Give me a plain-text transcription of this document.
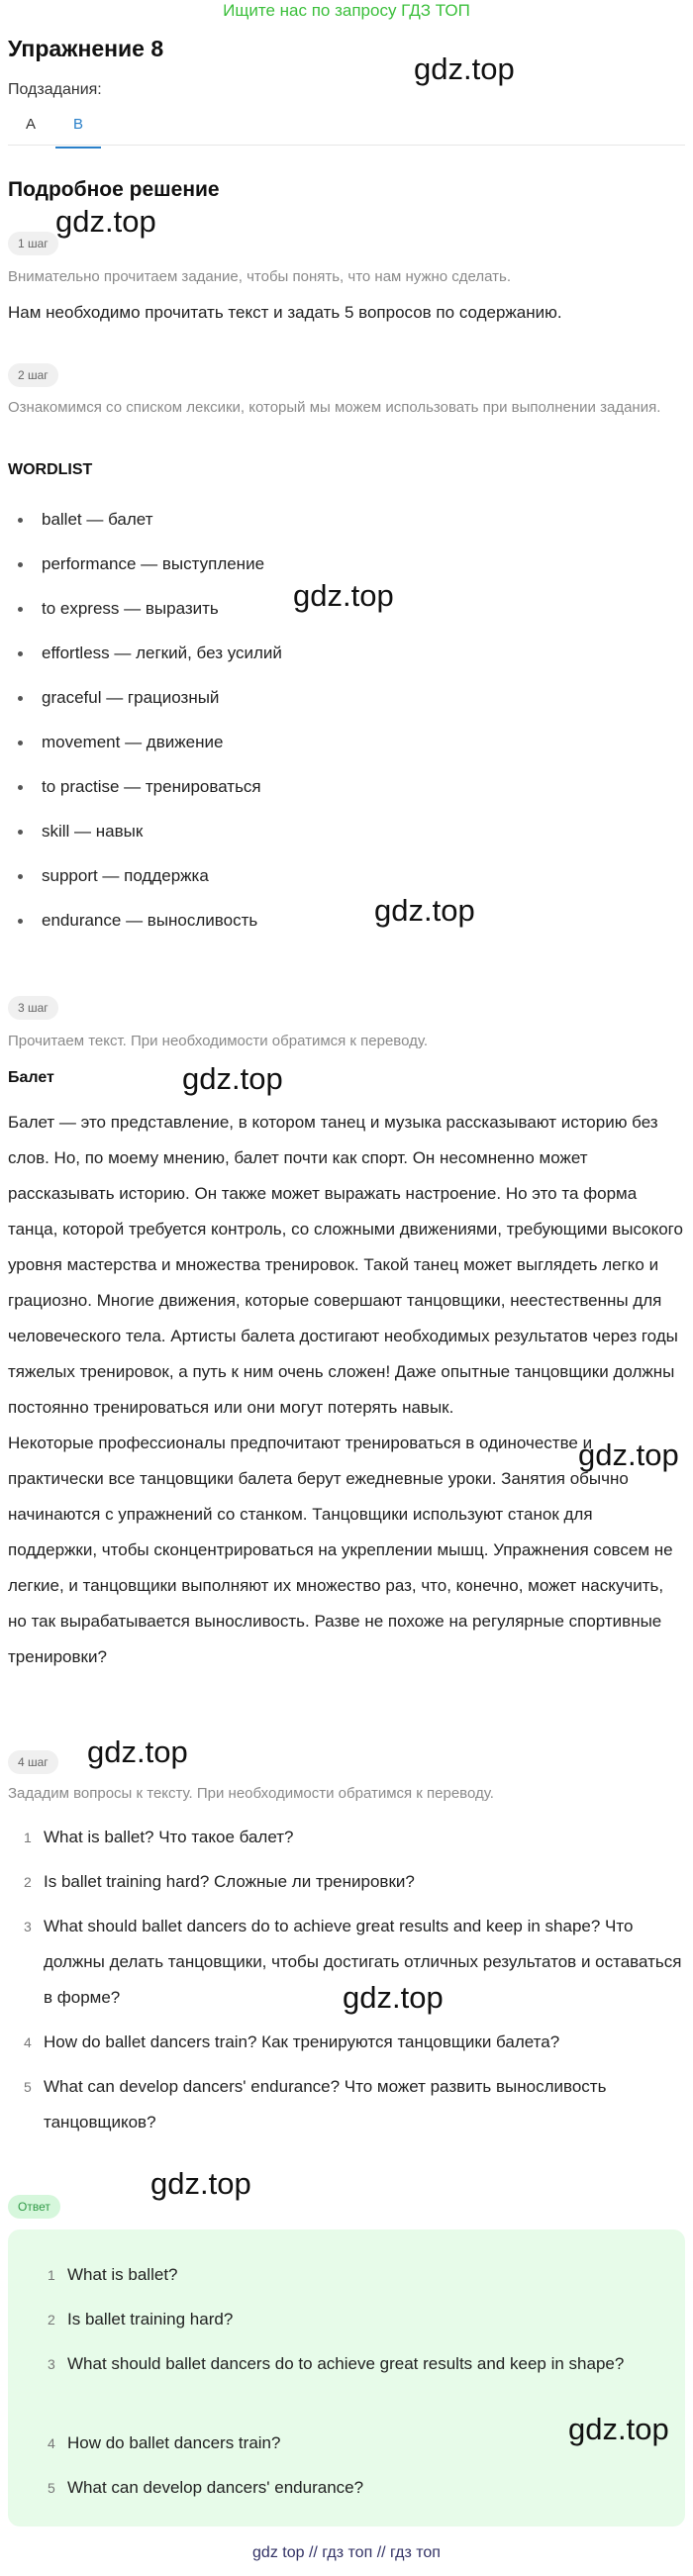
Ищите нас по запросу ГДЗ ТОП
Упражнение 8
Подзадания:
A	B
Подробное решение
1 шаг
Внимательно прочитаем задание, чтобы понять, что нам нужно сделать.
Нам необходимо прочитать текст и задать 5 вопросов по содержанию.
2 шаг
Ознакомимся со списком лексики, который мы можем использовать при выполнении задания.
WORDLIST
ballet — балет
performance — выступление
to express — выразить
effortless — легкий, без усилий
graceful — грациозный
movement — движение
to practise — тренироваться
skill — навык
support — поддержка
endurance — выносливость
3 шаг
Прочитаем текст. При необходимости обратимся к переводу.
Балет

Балет — это представление, в котором танец и музыка рассказывают историю без слов. Но, по моему мнению, балет почти как спорт. Он несомненно может рассказывать историю. Он также может выражать настроение. Но это та форма танца, которой требуется контроль, со сложными движениями, требующими высокого уровня мастерства и множества тренировок. Такой танец может выглядеть легко и грациозно. Многие движения, которые совершают танцовщики, неестественны для человеческого тела. Артисты балета достигают необходимых результатов через годы тяжелых тренировок, а путь к ним очень сложен! Даже опытные танцовщики должны постоянно тренироваться или они могут потерять навык.

Некоторые профессионалы предпочитают тренироваться в одиночестве и практически все танцовщики балета берут ежедневные уроки. Занятия обычно начинаются с упражнений со станком. Танцовщики используют станок для поддержки, чтобы сконцентрироваться на укреплении мышц. Упражнения совсем не легкие, и танцовщики выполняют их множество раз, что, конечно, может наскучить, но так вырабатывается выносливость. Разве не похоже на регулярные спортивные тренировки?

4 шаг
Зададим вопросы к тексту. При необходимости обратимся к переводу.
1 What is ballet? Что такое балет?
2 Is ballet training hard? Сложные ли тренировки?
3 What should ballet dancers do to achieve great results and keep in shape? Что должны делать танцовщики, чтобы достигать отличных результатов и оставаться в форме?
4 How do ballet dancers train? Как тренируются танцовщики балета?
5 What can develop dancers' endurance? Что может развить выносливость танцовщиков?
Ответ
1 What is ballet?
2 Is ballet training hard?
3 What should ballet dancers do to achieve great results and keep in shape?
4 How do ballet dancers train?
5 What can develop dancers' endurance?
gdz.top
gdz.top
gdz.top
gdz.top
gdz.top
gdz.top
gdz.top
gdz.top
gdz.top
gdz.top
gdz top // гдз топ // гдз топ
